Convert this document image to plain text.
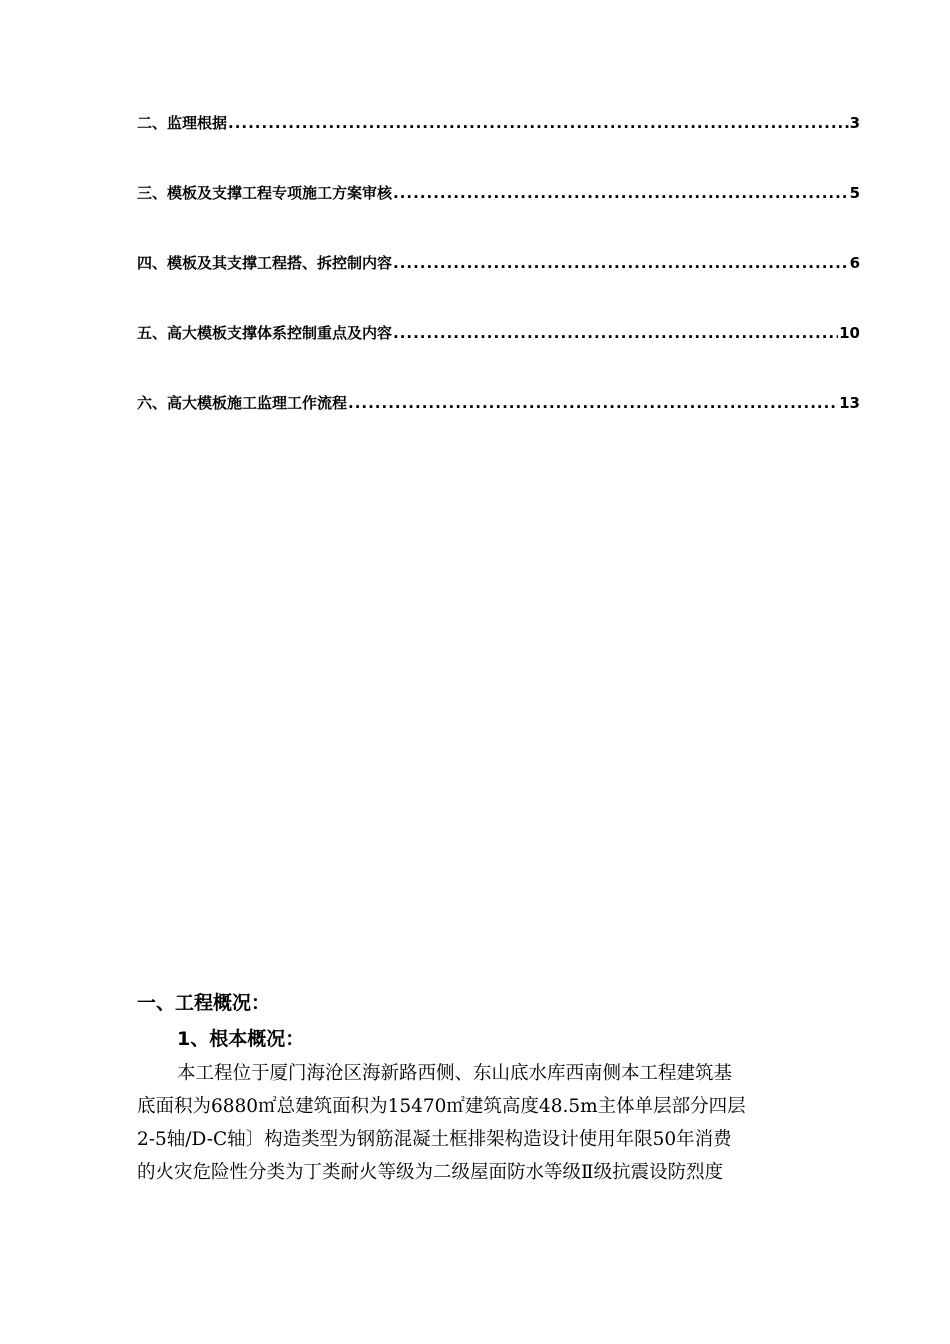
二、监理根据 .....	3
三、模板及支撑工程专项施工方案审核 .....	5
四、模板及其支撑工程搭、拆控制内容 .....	6
五、高大模板支撑体系控制重点及内容 .....	10
六、高大模板施工监理工作流程 .....	13
一、工程概况：
1、根本概况：
本工程位于厦门海沧区海新路西侧、东山底水库西南侧本工程建筑基
底面积为6880㎡总建筑面积为15470㎡建筑高度48.5m主体单层部分四层
2-5轴/D-C轴〕构造类型为钢筋混凝土框排架构造设计使用年限50年消费
的火灾危险性分类为丁类耐火等级为二级屋面防水等级Ⅱ级抗震设防烈度
